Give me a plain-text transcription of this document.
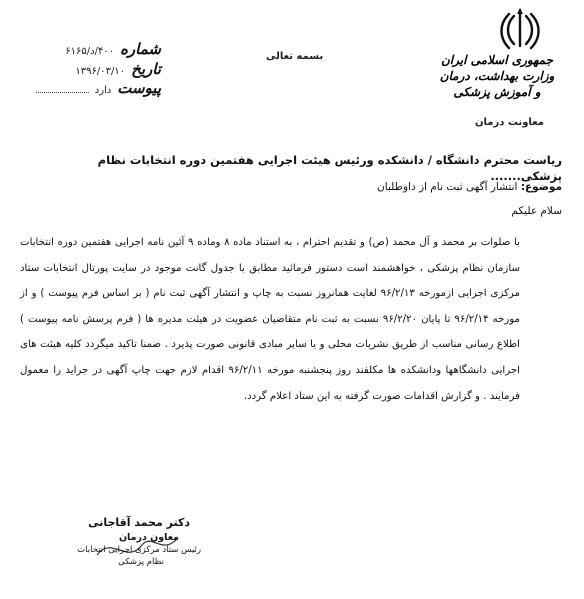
جمهوری اسلامی ایران وزارت بهداشت، درمان و آموزش پزشکی
معاونت درمان
بسمه تعالی
شماره
۴۰۰/د/۶۱۶۵
تاریخ
۱۳۹۶/۰۳/۱۰
پیوست
دارد
ریاست محترم دانشگاه / دانشکده ورئیس هیئت اجرایی هفتمین دوره انتخابات نظام پزشکی.......
موضوع: انتشار آگهی ثبت نام از داوطلبان
سلام علیکم

با صلوات بر محمد و آل محمد (ص) و تقدیم احترام ، به استناد ماده ۸ وماده ۹ آئین نامه اجرایی هفتمین دوره انتخابات سازمان نظام پزشکی ، خواهشمند است دستور فرمائید مطابق با جدول گانت موجود در سایت پورتال انتخابات ستاد مرکزی اجرایی ازمورخه ۹۶/۲/۱۳ لغایت همانروز نسبت به چاپ و انتشار آگهی ثبت نام ( بر اساس فرم پیوست ) و از مورخه ۹۶/۲/۱۴ تا پایان ۹۶/۲/۲۰ نسبت به ثبت نام متقاضیان عضویت در هیئت مدیره ها ( فرم پرسش نامه پیوست ) اطلاع رسانی مناسب از طریق نشریات محلی و یا سایر مبادی قانونی صورت پذیرد . ضمنا تاکید میگردد کلیه هیئت های اجرایی دانشگاهها ودانشکده ها مکلفند روز پنجشنبه مورخه ۹۶/۲/۱۱ اقدام لازم جهت چاپ آگهی در جراید را معمول فرمایند . و گزارش اقدامات صورت گرفته به این ستاد اعلام گردد.

دکتر محمد آقاجانی
معاون درمان
رئیس ستاد مرکزی اجرایی انتخابات
نظام پزشکی
